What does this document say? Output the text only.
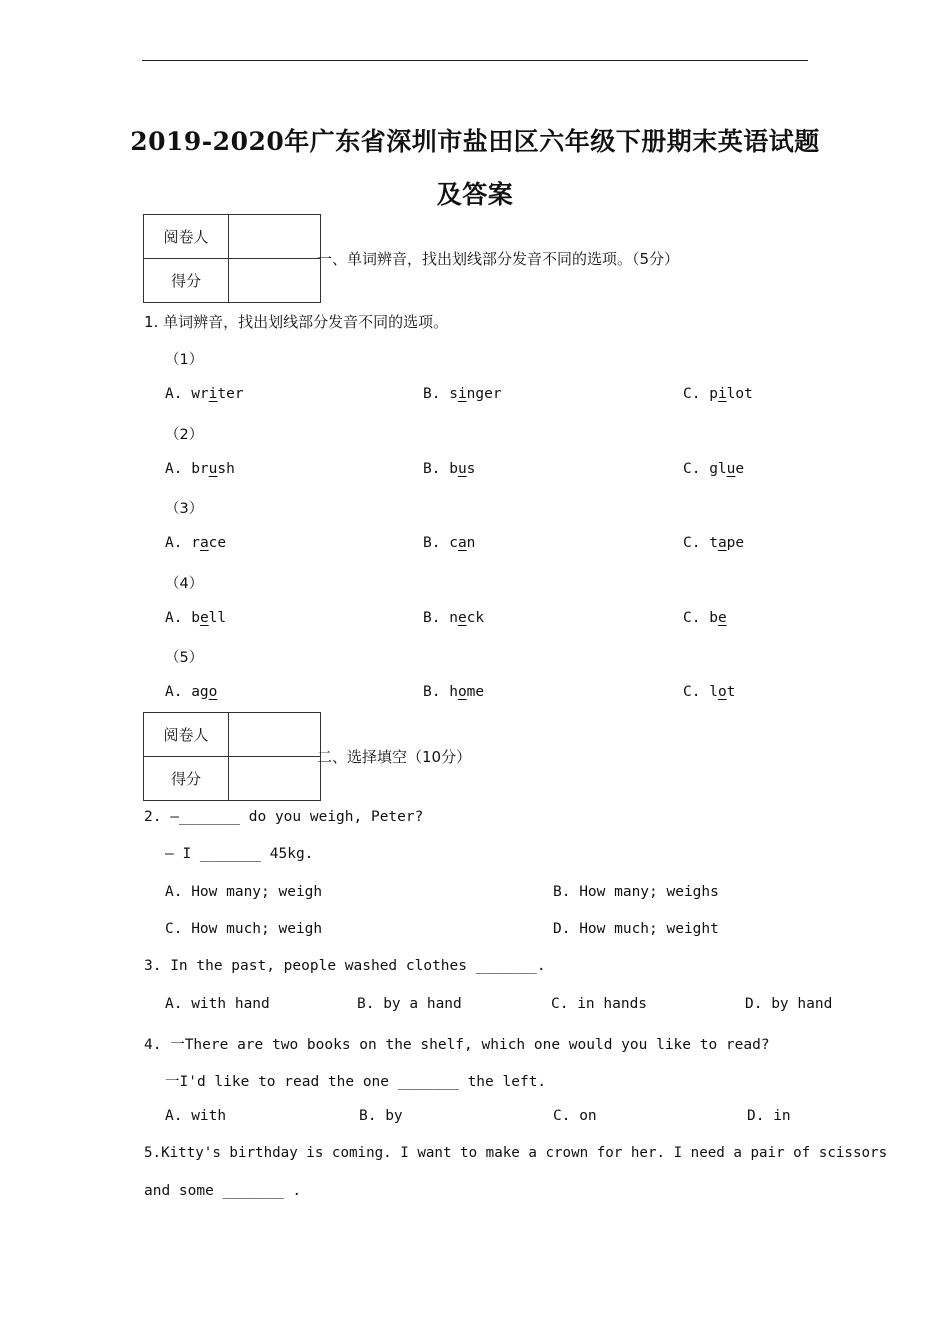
2019-2020年广东省深圳市盐田区六年级下册期末英语试题
及答案
阅卷人	
得分	
一、单词辨音，找出划线部分发音不同的选项。（5分）
1. 单词辨音，找出划线部分发音不同的选项。
（1）
A. writer	B. singer	C. pilot
（2）
A. brush	B. bus	C. glue
（3）
A. race	B. can	C. tape
（4）
A. bell	B. neck	C. be
（5）
A. ago	B. home	C. lot
阅卷人	
得分	
二、选择填空（10分）
2. —_______ do you weigh, Peter?
— I _______ 45kg.
A. How many; weigh	B. How many; weighs
C. How much; weigh	D. How much; weight
3. In the past, people washed clothes _______.
A. with hand	B. by a hand	C. in hands	D. by hand
4. 一There are two books on the shelf, which one would you like to read?
一I'd like to read the one _______ the left.
A. with	B. by	C. on	D. in
5.Kitty's birthday is coming. I want to make a crown for her. I need a pair of scissors
and some _______ .
